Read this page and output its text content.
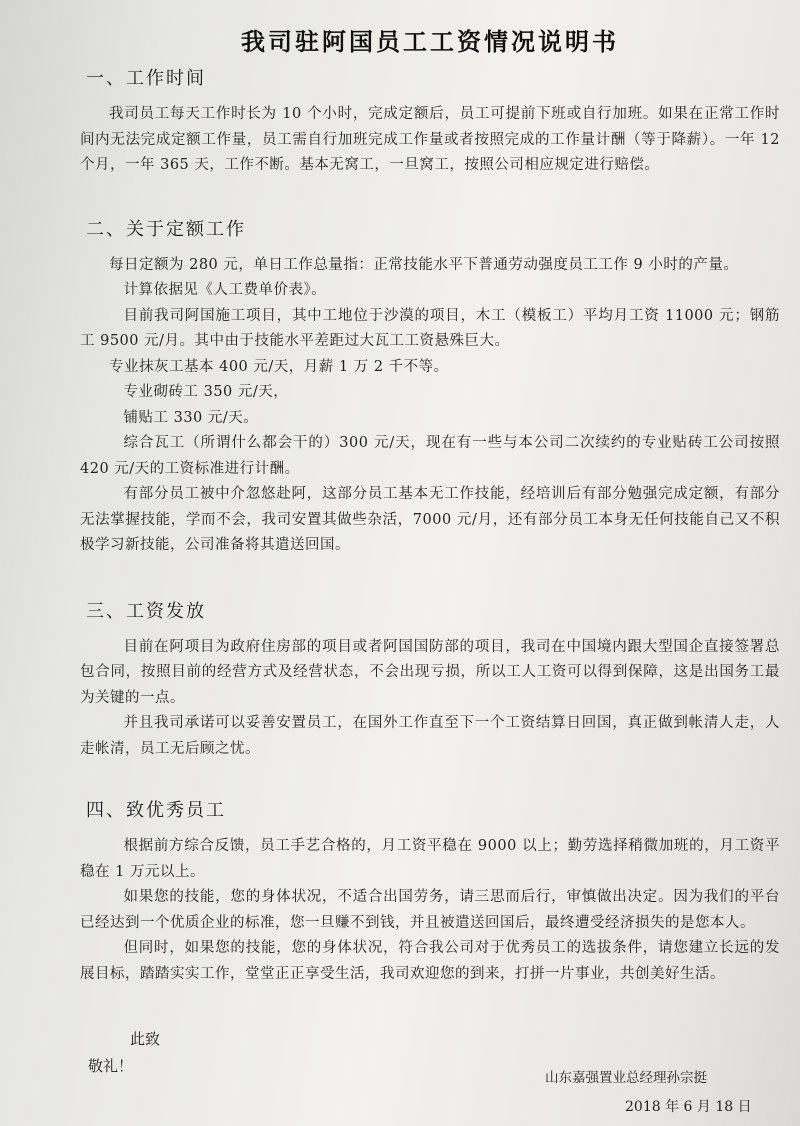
我司驻阿国员工工资情况说明书
一、工作时间

我司员工每天工作时长为 10 个小时，完成定额后，员工可提前下班或自行加班。如果在正常工作时间内无法完成定额工作量，员工需自行加班完成工作量或者按照完成的工作量计酬（等于降薪）。一年 12 个月，一年 365 天，工作不断。基本无窝工，一旦窝工，按照公司相应规定进行赔偿。

二、关于定额工作

每日定额为 280 元，单日工作总量指：正常技能水平下普通劳动强度员工工作 9 小时的产量。

计算依据见《人工费单价表》。

目前我司阿国施工项目，其中工地位于沙漠的项目，木工（模板工）平均月工资 11000 元；钢筋工 9500 元/月。其中由于技能水平差距过大瓦工工资悬殊巨大。

专业抹灰工基本 400 元/天，月薪 1 万 2 千不等。

专业砌砖工 350 元/天，

铺贴工 330 元/天。

综合瓦工（所谓什么都会干的）300 元/天，现在有一些与本公司二次续约的专业贴砖工公司按照 420 元/天的工资标准进行计酬。

有部分员工被中介忽悠赴阿，这部分员工基本无工作技能，经培训后有部分勉强完成定额，有部分无法掌握技能，学而不会，我司安置其做些杂活，7000 元/月，还有部分员工本身无任何技能自己又不积极学习新技能，公司准备将其遣送回国。

三、工资发放

目前在阿项目为政府住房部的项目或者阿国国防部的项目，我司在中国境内跟大型国企直接签署总包合同，按照目前的经营方式及经营状态，不会出现亏损，所以工人工资可以得到保障，这是出国务工最为关键的一点。

并且我司承诺可以妥善安置员工，在国外工作直至下一个工资结算日回国，真正做到帐清人走，人走帐清，员工无后顾之忧。

四、致优秀员工

根据前方综合反馈，员工手艺合格的，月工资平稳在 9000 以上；勤劳选择稍微加班的，月工资平稳在 1 万元以上。

如果您的技能，您的身体状况，不适合出国劳务，请三思而后行，审慎做出决定。因为我们的平台已经达到一个优质企业的标准，您一旦赚不到钱，并且被遣送回国后，最终遭受经济损失的是您本人。

但同时，如果您的技能，您的身体状况，符合我公司对于优秀员工的选拔条件，请您建立长远的发展目标，踏踏实实工作，堂堂正正享受生活，我司欢迎您的到来，打拼一片事业，共创美好生活。

此致
敬礼！
山东嘉强置业总经理孙宗挺
2018 年 6 月 18 日
